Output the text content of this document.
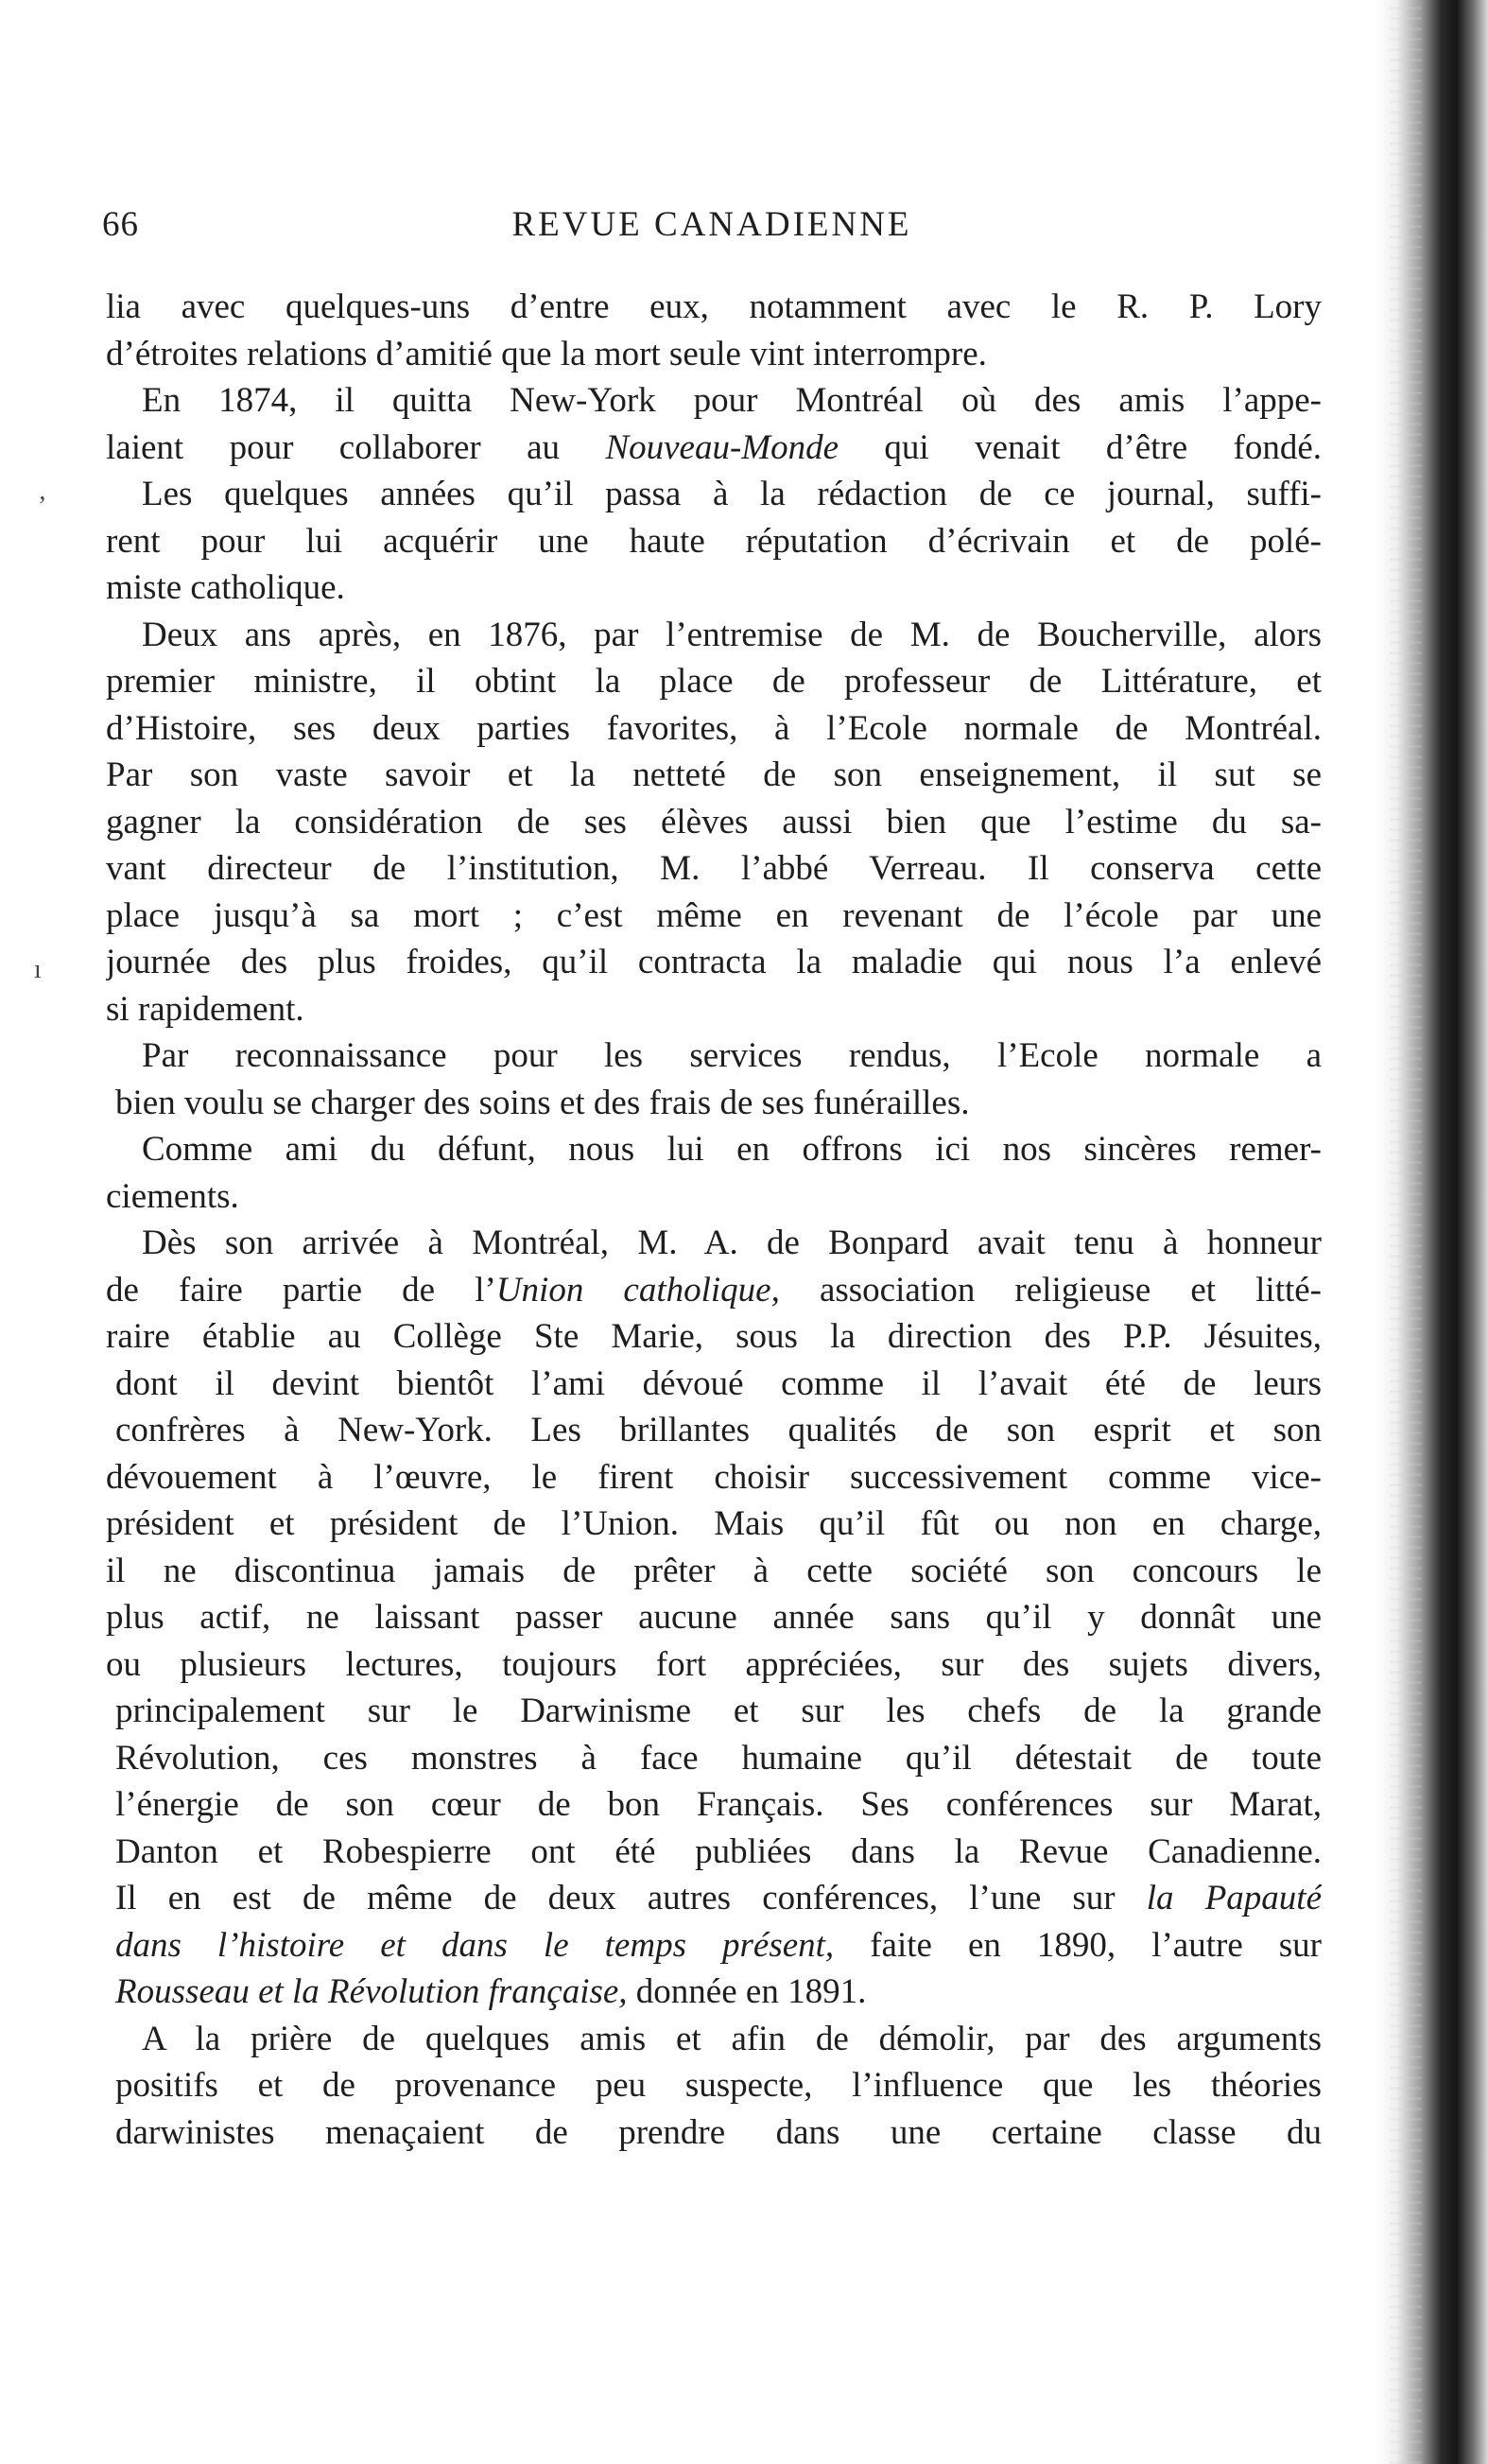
66	REVUE CANADIENNE
lia avec quelques-uns d’entre eux, notamment avec le R. P. Lory
d’étroites relations d’amitié que la mort seule vint interrompre.
En 1874, il quitta New-York pour Montréal où des amis l’appe-
laient pour collaborer au Nouveau-Monde qui venait d’être fondé.
Les quelques années qu’il passa à la rédaction de ce journal, suffi-
rent pour lui acquérir une haute réputation d’écrivain et de polé-
miste catholique.
Deux ans après, en 1876, par l’entremise de M. de Boucherville, alors
premier ministre, il obtint la place de professeur de Littérature, et
d’Histoire, ses deux parties favorites, à l’Ecole normale de Montréal.
Par son vaste savoir et la netteté de son enseignement, il sut se
gagner la considération de ses élèves aussi bien que l’estime du sa-
vant directeur de l’institution, M. l’abbé Verreau. Il conserva cette
place jusqu’à sa mort ; c’est même en revenant de l’école par une
journée des plus froides, qu’il contracta la maladie qui nous l’a enlevé
si rapidement.
Par reconnaissance pour les services rendus, l’Ecole normale a
bien voulu se charger des soins et des frais de ses funérailles.
Comme ami du défunt, nous lui en offrons ici nos sincères remer-
ciements.
Dès son arrivée à Montréal, M. A. de Bonpard avait tenu à honneur
de faire partie de l’Union catholique, association religieuse et litté-
raire établie au Collège Ste Marie, sous la direction des P.P. Jésuites,
dont il devint bientôt l’ami dévoué comme il l’avait été de leurs
confrères à New-York. Les brillantes qualités de son esprit et son
dévouement à l’œuvre, le firent choisir successivement comme vice-
président et président de l’Union. Mais qu’il fût ou non en charge,
il ne discontinua jamais de prêter à cette société son concours le
plus actif, ne laissant passer aucune année sans qu’il y donnât une
ou plusieurs lectures, toujours fort appréciées, sur des sujets divers,
principalement sur le Darwinisme et sur les chefs de la grande
Révolution, ces monstres à face humaine qu’il détestait de toute
l’énergie de son cœur de bon Français. Ses conférences sur Marat,
Danton et Robespierre ont été publiées dans la Revue Canadienne.
Il en est de même de deux autres conférences, l’une sur la Papauté
dans l’histoire et dans le temps présent, faite en 1890, l’autre sur
Rousseau et la Révolution française, donnée en 1891.
A la prière de quelques amis et afin de démolir, par des arguments
positifs et de provenance peu suspecte, l’influence que les théories
darwinistes menaçaient de prendre dans une certaine classe du
’
ı
